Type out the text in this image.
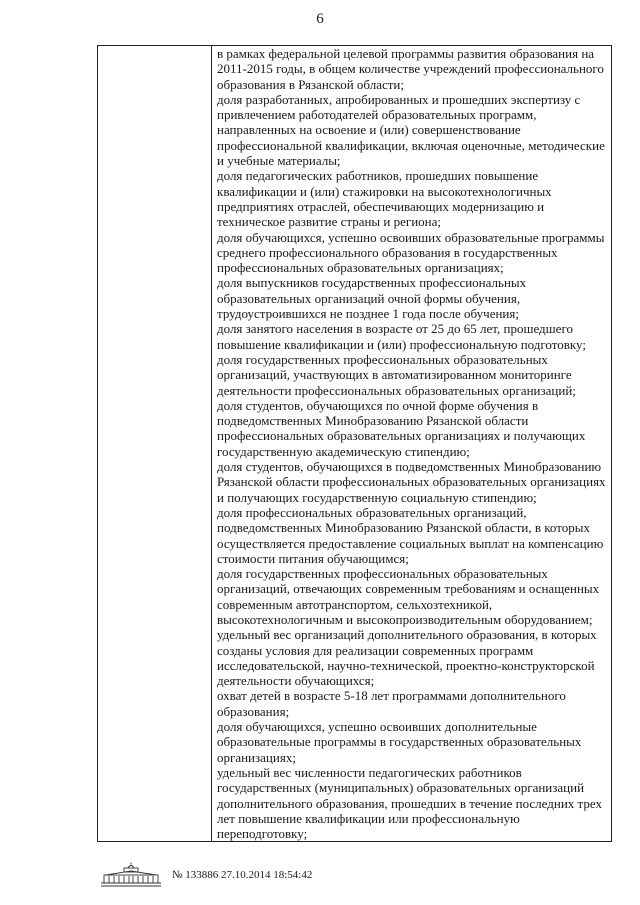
6

в рамках федеральной целевой программы развития образования на

2011-2015 годы, в общем количестве учреждений профессионального

образования в Рязанской области;

доля разработанных, апробированных и прошедших экспертизу с

привлечением работодателей образовательных программ,

направленных на освоение и (или) совершенствование

профессиональной квалификации, включая оценочные, методические

и учебные материалы;

доля педагогических работников, прошедших повышение

квалификации и (или) стажировки на высокотехнологичных

предприятиях отраслей, обеспечивающих модернизацию и

техническое развитие страны и региона;

доля обучающихся, успешно освоивших образовательные программы

среднего профессионального образования в государственных

профессиональных образовательных организациях;

доля выпускников государственных профессиональных

образовательных организаций очной формы обучения,

трудоустроившихся не позднее 1 года после обучения;

доля занятого населения в возрасте от 25 до 65 лет, прошедшего

повышение квалификации и (или) профессиональную подготовку;

доля государственных профессиональных образовательных

организаций, участвующих в автоматизированном мониторинге

деятельности профессиональных образовательных организаций;

доля студентов, обучающихся по очной форме обучения в

подведомственных Минобразованию Рязанской области

профессиональных образовательных организациях и получающих

государственную академическую стипендию;

доля студентов, обучающихся в подведомственных Минобразованию

Рязанской области профессиональных образовательных организациях

и получающих государственную социальную стипендию;

доля профессиональных образовательных организаций,

подведомственных Минобразованию Рязанской области, в которых

осуществляется предоставление социальных выплат на компенсацию

стоимости питания обучающимся;

доля государственных профессиональных образовательных

организаций, отвечающих современным требованиям и оснащенных

современным автотранспортом, сельхозтехникой,

высокотехнологичным и высокопроизводительным оборудованием;

удельный вес организаций дополнительного образования, в которых

созданы условия для реализации современных программ

исследовательской, научно-технической, проектно-конструкторской

деятельности обучающихся;

охват детей в возрасте 5-18 лет программами дополнительного

образования;

доля обучающихся, успешно освоивших дополнительные

образовательные программы в государственных образовательных

организациях;

удельный вес численности педагогических работников

государственных (муниципальных) образовательных организаций

дополнительного образования, прошедших в течение последних трех

лет повышение квалификации или профессиональную

переподготовку;

№ 133886 27.10.2014 18:54:42
